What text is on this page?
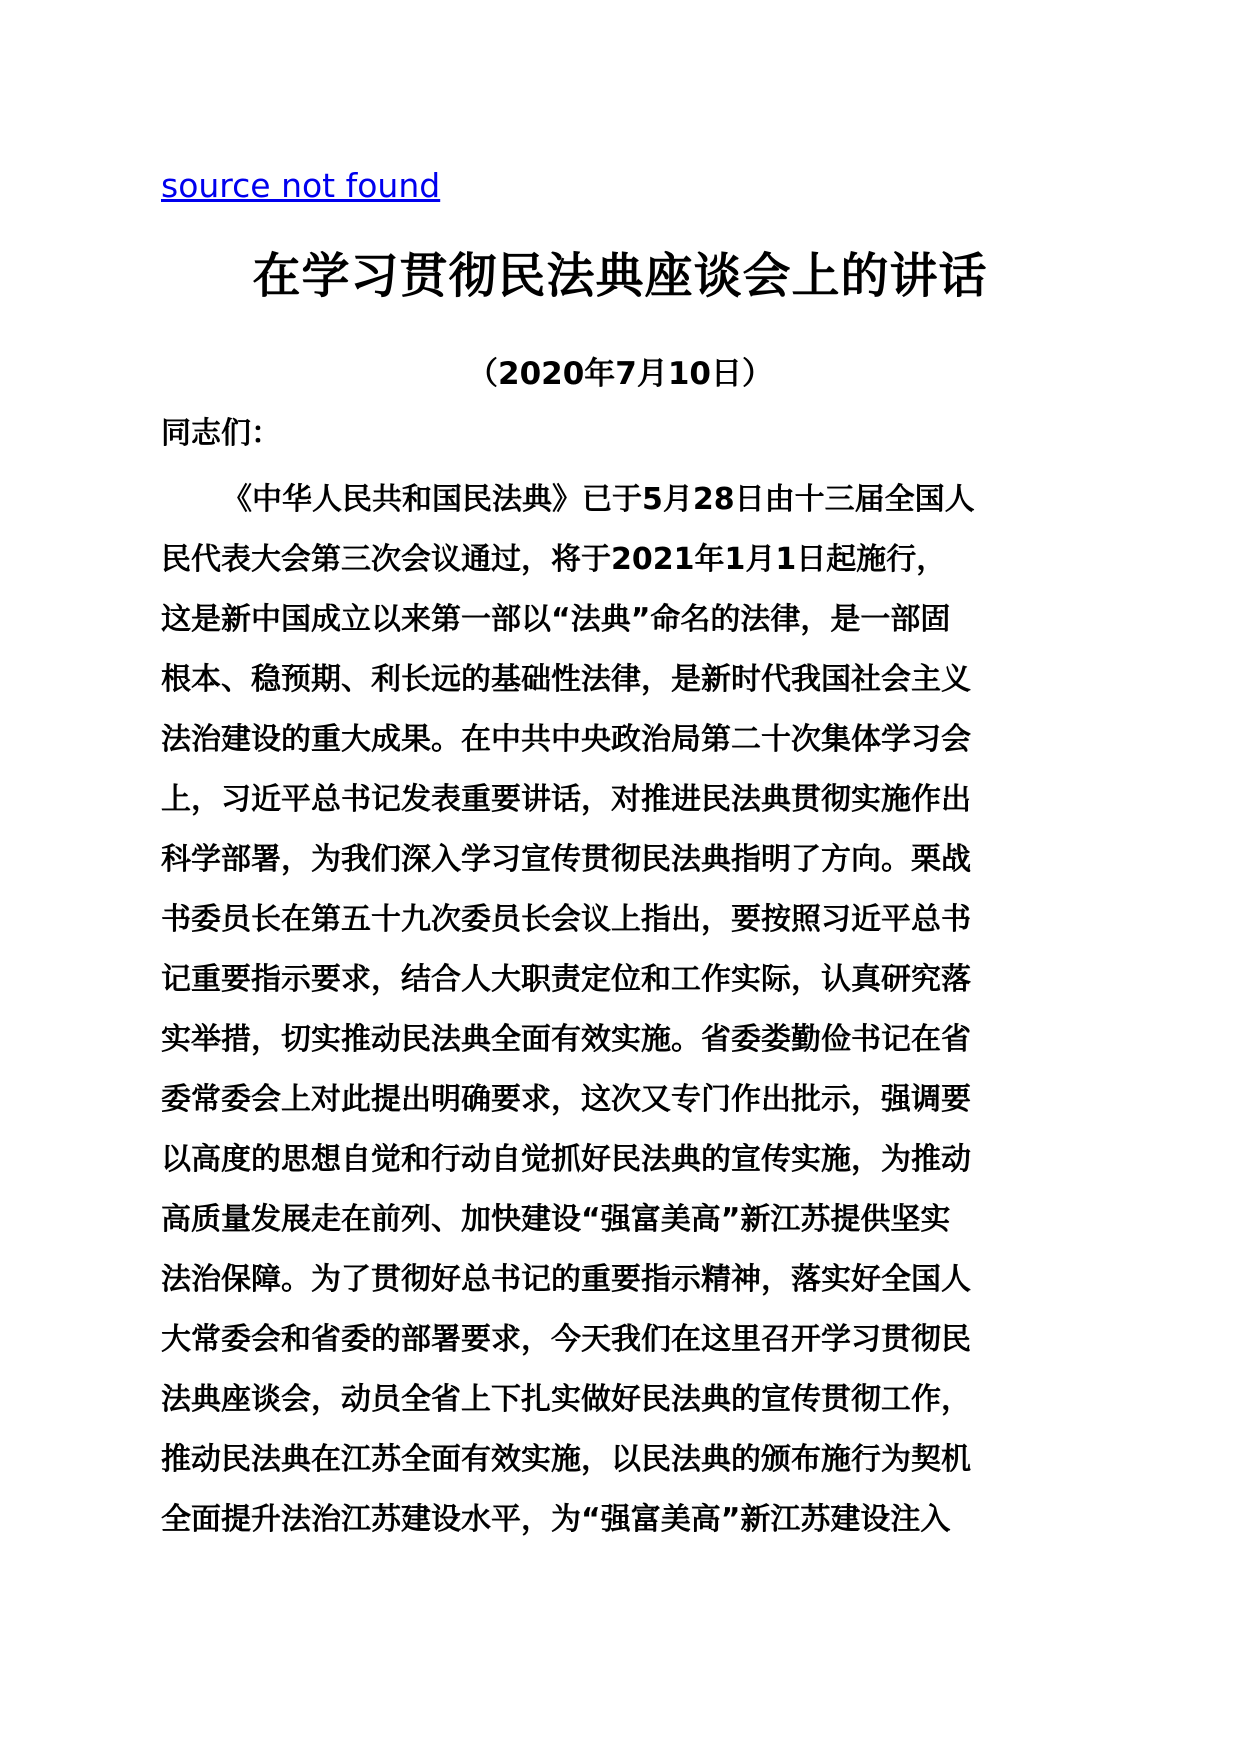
source not found
在学习贯彻民法典座谈会上的讲话
（2020年7月10日）
同志们：
《中华人民共和国民法典》已于5月28日由十三届全国人
民代表大会第三次会议通过，将于2021年1月1日起施行，
这是新中国成立以来第一部以“法典”命名的法律，是一部固
根本、稳预期、利长远的基础性法律，是新时代我国社会主义
法治建设的重大成果。在中共中央政治局第二十次集体学习会
上，习近平总书记发表重要讲话，对推进民法典贯彻实施作出
科学部署，为我们深入学习宣传贯彻民法典指明了方向。栗战
书委员长在第五十九次委员长会议上指出，要按照习近平总书
记重要指示要求，结合人大职责定位和工作实际，认真研究落
实举措，切实推动民法典全面有效实施。省委娄勤俭书记在省
委常委会上对此提出明确要求，这次又专门作出批示，强调要
以高度的思想自觉和行动自觉抓好民法典的宣传实施，为推动
高质量发展走在前列、加快建设“强富美高”新江苏提供坚实
法治保障。为了贯彻好总书记的重要指示精神，落实好全国人
大常委会和省委的部署要求，今天我们在这里召开学习贯彻民
法典座谈会，动员全省上下扎实做好民法典的宣传贯彻工作，
推动民法典在江苏全面有效实施，以民法典的颁布施行为契机
全面提升法治江苏建设水平，为“强富美高”新江苏建设注入
